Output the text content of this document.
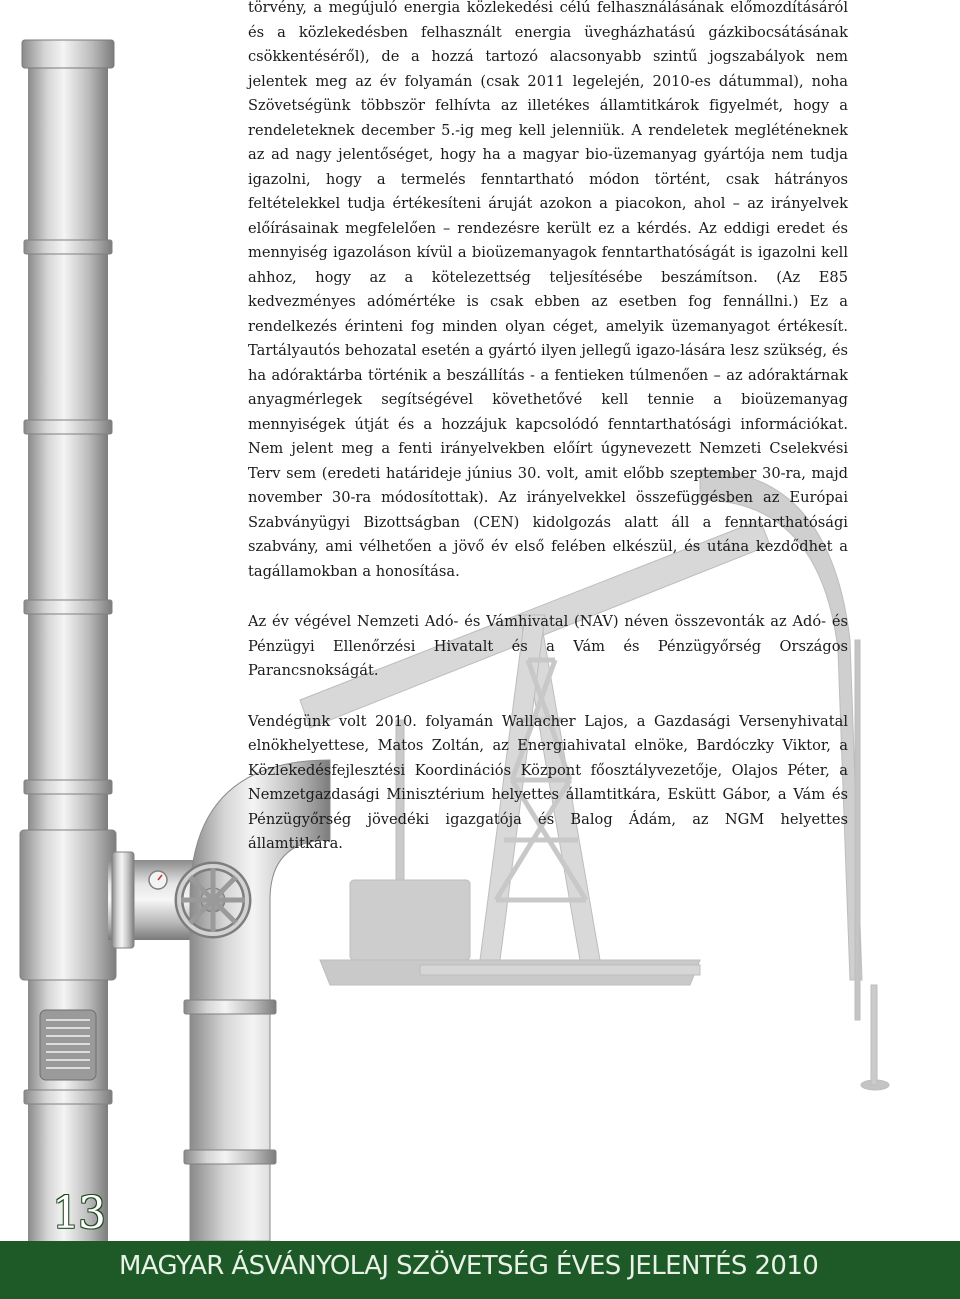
törvény, a megújuló energia közlekedési célú felhasználásának előmozdításáról és a közlekedésben felhasznált energia üvegházhatású gázkibocsátásának csökkentéséről), de a hozzá tartozó alacsonyabb szintű jogszabályok nem jelentek meg az év folyamán (csak 2011 legelején, 2010-es dátummal), noha Szövetségünk többször felhívta az illetékes államtitkárok figyelmét, hogy a rendeleteknek december 5.-ig meg kell jelenniük. A rendeletek megléténeknek az ad nagy jelentőséget, hogy ha a magyar bio-üzemanyag gyártója nem tudja igazolni, hogy a termelés fenntartható módon történt, csak hátrányos feltételekkel tudja értékesíteni áruját azokon a piacokon, ahol – az irányelvek előírásainak megfelelően – rendezésre került ez a kérdés. Az eddigi eredet és mennyiség igazoláson kívül a bioüzemanyagok fenntarthatóságát is igazolni kell ahhoz, hogy az a kötelezettség teljesítésébe beszámítson. (Az E85 kedvezményes adómértéke is csak ebben az esetben fog fennállni.) Ez a rendelkezés érinteni fog minden olyan céget, amelyik üzemanyagot értékesít. Tartályautós behozatal esetén a gyártó ilyen jellegű igazo-lására lesz szükség, és ha adóraktárba történik a beszállítás - a fentieken túlmenően – az adóraktárnak anyagmérlegek segítségével követhetővé kell tennie a bioüzemanyag mennyiségek útját és a hozzájuk kapcsolódó fenntarthatósági információkat. Nem jelent meg a fenti irányelvekben előírt úgynevezett Nemzeti Cselekvési Terv sem (eredeti határideje június 30. volt, amit előbb szeptember 30-ra, majd november 30-ra módosítottak). Az irányelvekkel összefüggésben az Európai Szabványügyi Bizottságban (CEN) kidolgozás alatt áll a fenntarthatósági szabvány, ami vélhetően a jövő év első felében elkészül, és utána kezdődhet a tagállamokban a honosítása.

Az év végével Nemzeti Adó- és Vámhivatal (NAV) néven összevonták az Adó- és Pénzügyi Ellenőrzési Hivatalt és a Vám és Pénzügyőrség Országos Parancsnokságát.

Vendégünk volt 2010. folyamán Wallacher Lajos, a Gazdasági Versenyhivatal elnökhelyettese, Matos Zoltán, az Energiahivatal elnöke, Bardóczky Viktor, a Közlekedésfejlesztési Koordinációs Központ főosztályvezetője, Olajos Péter, a Nemzetgazdasági Minisztérium helyettes államtitkára, Eskütt Gábor, a Vám és Pénzügyőrség jövedéki igazgatója és Balog Ádám, az NGM helyettes államtitkára.

13
MAGYAR ÁSVÁNYOLAJ SZÖVETSÉG ÉVES JELENTÉS 2010
